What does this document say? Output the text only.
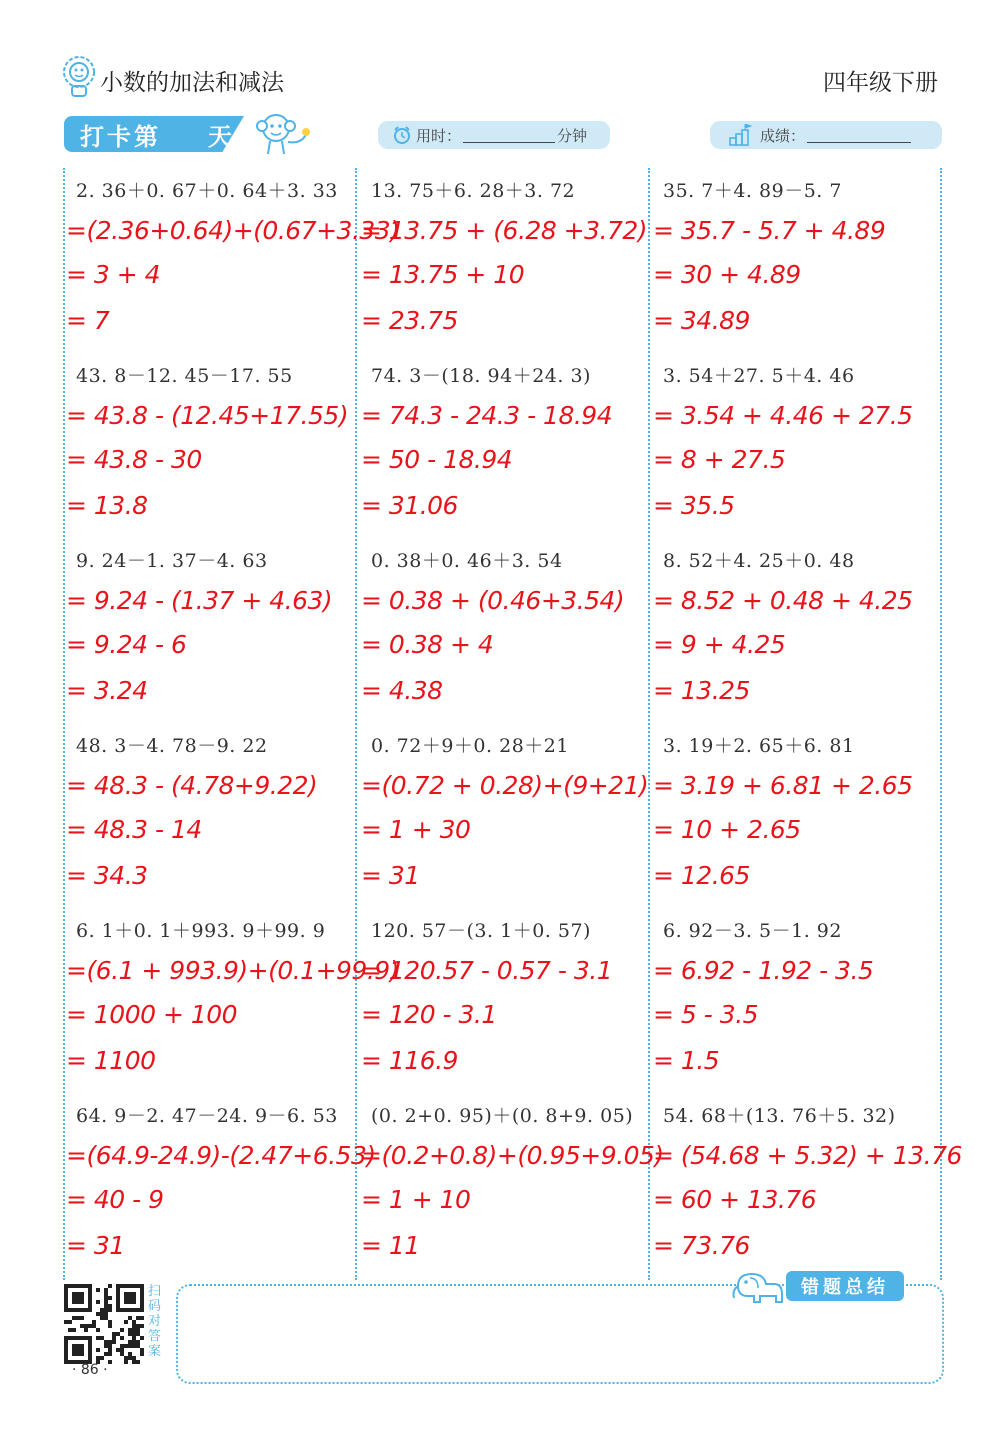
小数的加法和减法	四年级下册
打卡第 天	用时：	分钟	成绩：
2. 36＋0. 67＋0. 64＋3. 33
=(2.36+0.64)+(0.67+3.33)
= 3 + 4
= 7
43. 8－12. 45－17. 55
= 43.8 - (12.45+17.55)
= 43.8 - 30
= 13.8
9. 24－1. 37－4. 63
= 9.24 - (1.37 + 4.63)
= 9.24 - 6
= 3.24
48. 3－4. 78－9. 22
= 48.3 - (4.78+9.22)
= 48.3 - 14
= 34.3
6. 1＋0. 1＋993. 9＋99. 9
=(6.1 + 993.9)+(0.1+99.9)
= 1000 + 100
= 1100
64. 9－2. 47－24. 9－6. 53
=(64.9-24.9)-(2.47+6.53)
= 40 - 9
= 31
13. 75＋6. 28＋3. 72
= 13.75 + (6.28 +3.72)
= 13.75 + 10
= 23.75
74. 3－(18. 94＋24. 3)
= 74.3 - 24.3 - 18.94
= 50 - 18.94
= 31.06
0. 38＋0. 46＋3. 54
= 0.38 + (0.46+3.54)
= 0.38 + 4
= 4.38
0. 72＋9＋0. 28＋21
=(0.72 + 0.28)+(9+21)
= 1 + 30
= 31
120. 57－(3. 1＋0. 57)
= 120.57 - 0.57 - 3.1
= 120 - 3.1
= 116.9
(0. 2+0. 95)＋(0. 8+9. 05)
=(0.2+0.8)+(0.95+9.05)
= 1 + 10
= 11
35. 7＋4. 89－5. 7
= 35.7 - 5.7 + 4.89
= 30 + 4.89
= 34.89
3. 54＋27. 5＋4. 46
= 3.54 + 4.46 + 27.5
= 8 + 27.5
= 35.5
8. 52＋4. 25＋0. 48
= 8.52 + 0.48 + 4.25
= 9 + 4.25
= 13.25
3. 19＋2. 65＋6. 81
= 3.19 + 6.81 + 2.65
= 10 + 2.65
= 12.65
6. 92－3. 5－1. 92
= 6.92 - 1.92 - 3.5
= 5 - 3.5
= 1.5
54. 68＋(13. 76＋5. 32)
= (54.68 + 5.32) + 13.76
= 60 + 13.76
= 73.76
扫码对答案
· 86 ·
错题总结
